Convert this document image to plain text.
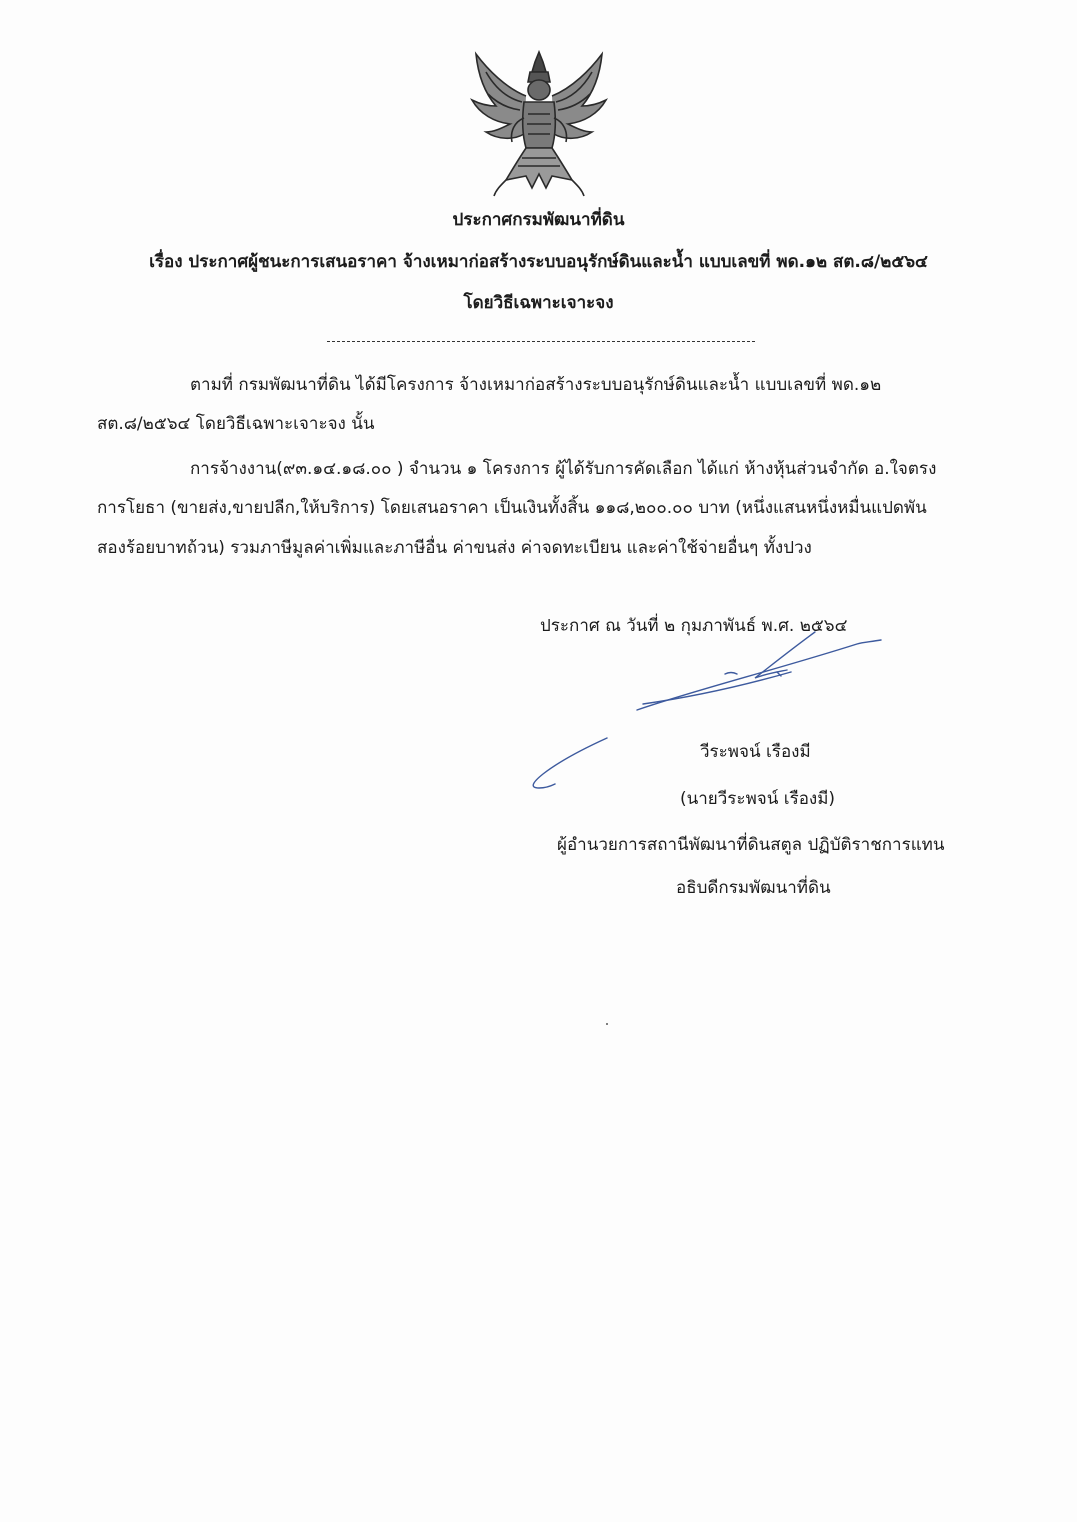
ประกาศกรมพัฒนาที่ดิน
เรื่อง ประกาศผู้ชนะการเสนอราคา จ้างเหมาก่อสร้างระบบอนุรักษ์ดินและน้ำ แบบเลขที่ พด.๑๒ สต.๘/๒๕๖๔
โดยวิธีเฉพาะเจาะจง
ตามที่ กรมพัฒนาที่ดิน ได้มีโครงการ จ้างเหมาก่อสร้างระบบอนุรักษ์ดินและน้ำ แบบเลขที่ พด.๑๒
สต.๘/๒๕๖๔ โดยวิธีเฉพาะเจาะจง นั้น
การจ้างงาน(๙๓.๑๔.๑๘.๐๐ ) จำนวน ๑ โครงการ ผู้ได้รับการคัดเลือก ได้แก่ ห้างหุ้นส่วนจำกัด อ.ใจตรง
การโยธา (ขายส่ง,ขายปลีก,ให้บริการ) โดยเสนอราคา เป็นเงินทั้งสิ้น ๑๑๘,๒๐๐.๐๐ บาท (หนึ่งแสนหนึ่งหมื่นแปดพัน
สองร้อยบาทถ้วน) รวมภาษีมูลค่าเพิ่มและภาษีอื่น ค่าขนส่ง ค่าจดทะเบียน และค่าใช้จ่ายอื่นๆ ทั้งปวง
ประกาศ ณ วันที่ ๒ กุมภาพันธ์ พ.ศ. ๒๕๖๔
วีระพจน์ เรืองมี
(นายวีระพจน์ เรืองมี)
ผู้อำนวยการสถานีพัฒนาที่ดินสตูล ปฏิบัติราชการแทน
อธิบดีกรมพัฒนาที่ดิน
